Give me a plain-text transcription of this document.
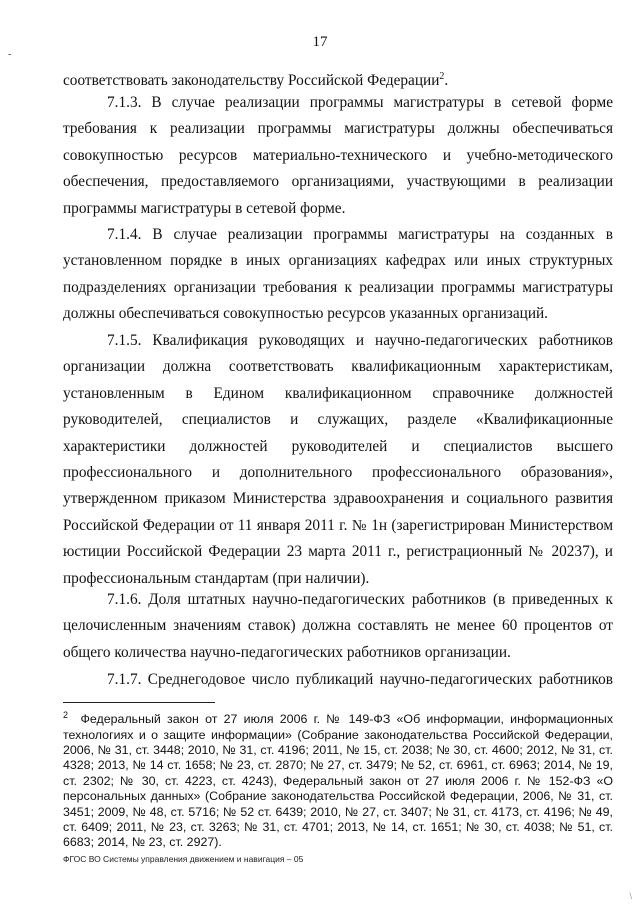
17
-
соответствовать законодательству Российской Федерации$^2$.
7.1.3. В случае реализации программы магистратуры в сетевой форме требования к реализации программы магистратуры должны обеспечиваться совокупностью ресурсов материально-технического и учебно-методического обеспечения, предоставляемого организациями, участвующими в реализации программы магистратуры в сетевой форме.
7.1.4. В случае реализации программы магистратуры на созданных в установленном порядке в иных организациях кафедрах или иных структурных подразделениях организации требования к реализации программы магистратуры должны обеспечиваться совокупностью ресурсов указанных организаций.
7.1.5. Квалификация руководящих и научно-педагогических работников организации должна соответствовать квалификационным характеристикам, установленным в Едином квалификационном справочнике должностей руководителей, специалистов и служащих, разделе «Квалификационные характеристики должностей руководителей и специалистов высшего профессионального и дополнительного профессионального образования», утвержденном приказом Министерства здравоохранения и социального развития Российской Федерации от 11 января 2011 г. № 1н (зарегистрирован Министерством юстиции Российской Федерации 23 марта 2011 г., регистрационный № 20237), и профессиональным стандартам (при наличии).
7.1.6. Доля штатных научно-педагогических работников (в приведенных к целочисленным значениям ставок) должна составлять не менее 60 процентов от общего количества научно-педагогических работников организации.
7.1.7. Среднегодовое число публикаций научно-педагогических работников
$^2$ Федеральный закон от 27 июля 2006 г. № 149-ФЗ «Об информации, информационных технологиях и о защите информации» (Собрание законодательства Российской Федерации, 2006, № 31, ст. 3448; 2010, № 31, ст. 4196; 2011, № 15, ст. 2038; № 30, ст. 4600; 2012, № 31, ст. 4328; 2013, № 14 ст. 1658; № 23, ст. 2870; № 27, ст. 3479; № 52, ст. 6961, ст. 6963; 2014, № 19, ст. 2302; № 30, ст. 4223, ст. 4243), Федеральный закон от 27 июля 2006 г. № 152-ФЗ «О персональных данных» (Собрание законодательства Российской Федерации, 2006, № 31, ст. 3451; 2009, № 48, ст. 5716; № 52 ст. 6439; 2010, № 27, ст. 3407; № 31, ст. 4173, ст. 4196; № 49, ст. 6409; 2011, № 23, ст. 3263; № 31, ст. 4701; 2013, № 14, ст. 1651; № 30, ст. 4038; № 51, ст. 6683; 2014, № 23, ст. 2927).
ФГОС ВО Системы управления движением и навигация – 05
\
